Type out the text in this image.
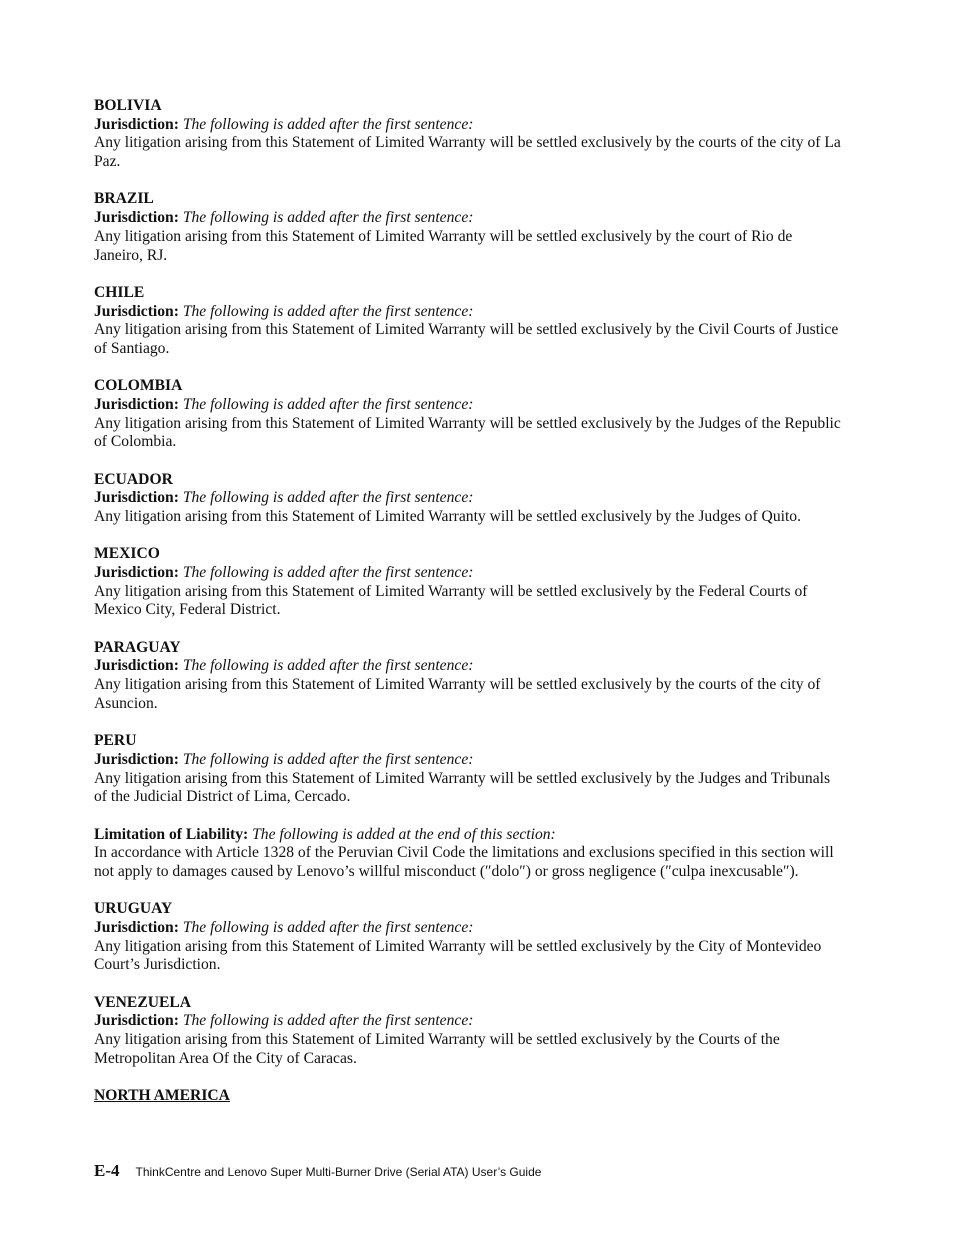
BOLIVIA
Jurisdiction: The following is added after the first sentence:
Any litigation arising from this Statement of Limited Warranty will be settled exclusively by the courts of the city of La Paz.
BRAZIL
Jurisdiction: The following is added after the first sentence:
Any litigation arising from this Statement of Limited Warranty will be settled exclusively by the court of Rio de Janeiro, RJ.
CHILE
Jurisdiction: The following is added after the first sentence:
Any litigation arising from this Statement of Limited Warranty will be settled exclusively by the Civil Courts of Justice of Santiago.
COLOMBIA
Jurisdiction: The following is added after the first sentence:
Any litigation arising from this Statement of Limited Warranty will be settled exclusively by the Judges of the Republic of Colombia.
ECUADOR
Jurisdiction: The following is added after the first sentence:
Any litigation arising from this Statement of Limited Warranty will be settled exclusively by the Judges of Quito.
MEXICO
Jurisdiction: The following is added after the first sentence:
Any litigation arising from this Statement of Limited Warranty will be settled exclusively by the Federal Courts of Mexico City, Federal District.
PARAGUAY
Jurisdiction: The following is added after the first sentence:
Any litigation arising from this Statement of Limited Warranty will be settled exclusively by the courts of the city of Asuncion.
PERU
Jurisdiction: The following is added after the first sentence:
Any litigation arising from this Statement of Limited Warranty will be settled exclusively by the Judges and Tribunals of the Judicial District of Lima, Cercado.
Limitation of Liability: The following is added at the end of this section:
In accordance with Article 1328 of the Peruvian Civil Code the limitations and exclusions specified in this section will not apply to damages caused by Lenovo’s willful misconduct (″dolo″) or gross negligence (″culpa inexcusable″).
URUGUAY
Jurisdiction: The following is added after the first sentence:
Any litigation arising from this Statement of Limited Warranty will be settled exclusively by the City of Montevideo Court’s Jurisdiction.
VENEZUELA
Jurisdiction: The following is added after the first sentence:
Any litigation arising from this Statement of Limited Warranty will be settled exclusively by the Courts of the Metropolitan Area Of the City of Caracas.
NORTH AMERICA
E-4 ThinkCentre and Lenovo Super Multi-Burner Drive (Serial ATA) User’s Guide
